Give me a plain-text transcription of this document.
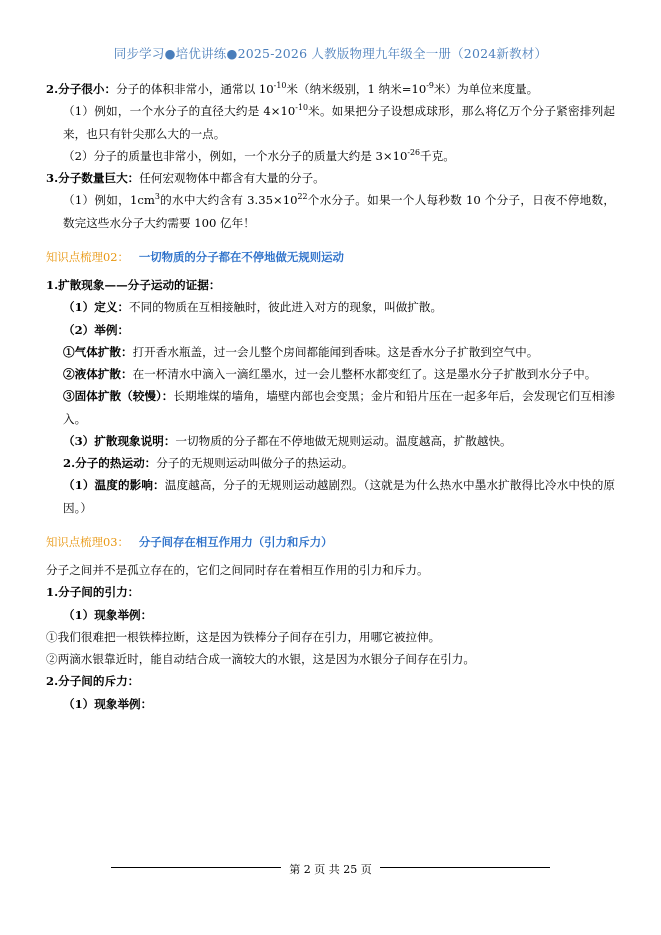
同步学习●培优讲练●2025-2026 人教版物理九年级全一册（2024新教材）

2.分子很小：分子的体积非常小，通常以 $10^{-10}$米（纳米级别，1 纳米$=10^{-9}$米）为单位来度量。

（1）例如，一个水分子的直径大约是 $4\times 10^{-10}$米。如果把分子设想成球形，那么将亿万个分子紧密排列起来，也只有针尖那么大的一点。

（2）分子的质量也非常小，例如，一个水分子的质量大约是 $3\times 10^{-26}$千克。

3.分子数量巨大：任何宏观物体中都含有大量的分子。

（1）例如，$1cm^3$的水中大约含有 $3.35\times 10^{22}$个水分子。如果一个人每秒数 10 个分子，日夜不停地数，数完这些水分子大约需要 100 亿年！

知识点梳理02： 一切物质的分子都在不停地做无规则运动

1.扩散现象——分子运动的证据：

（1）定义：不同的物质在互相接触时，彼此进入对方的现象，叫做扩散。

（2）举例：

①气体扩散：打开香水瓶盖，过一会儿整个房间都能闻到香味。这是香水分子扩散到空气中。

②液体扩散：在一杯清水中滴入一滴红墨水，过一会儿整杯水都变红了。这是墨水分子扩散到水分子中。

③固体扩散（较慢）：长期堆煤的墙角，墙壁内部也会变黑；金片和铅片压在一起多年后，会发现它们互相渗入。

（3）扩散现象说明：一切物质的分子都在不停地做无规则运动。温度越高，扩散越快。

2.分子的热运动：分子的无规则运动叫做分子的热运动。

（1）温度的影响：温度越高，分子的无规则运动越剧烈。（这就是为什么热水中墨水扩散得比冷水中快的原因。）

知识点梳理03： 分子间存在相互作用力（引力和斥力）

分子之间并不是孤立存在的，它们之间同时存在着相互作用的引力和斥力。

1.分子间的引力：

（1）现象举例：

①我们很难把一根铁棒拉断，这是因为铁棒分子间存在引力，用哪它被拉伸。

②两滴水银靠近时，能自动结合成一滴较大的水银，这是因为水银分子间存在引力。

2.分子间的斥力：

（1）现象举例：

第 2 页 共 25 页
